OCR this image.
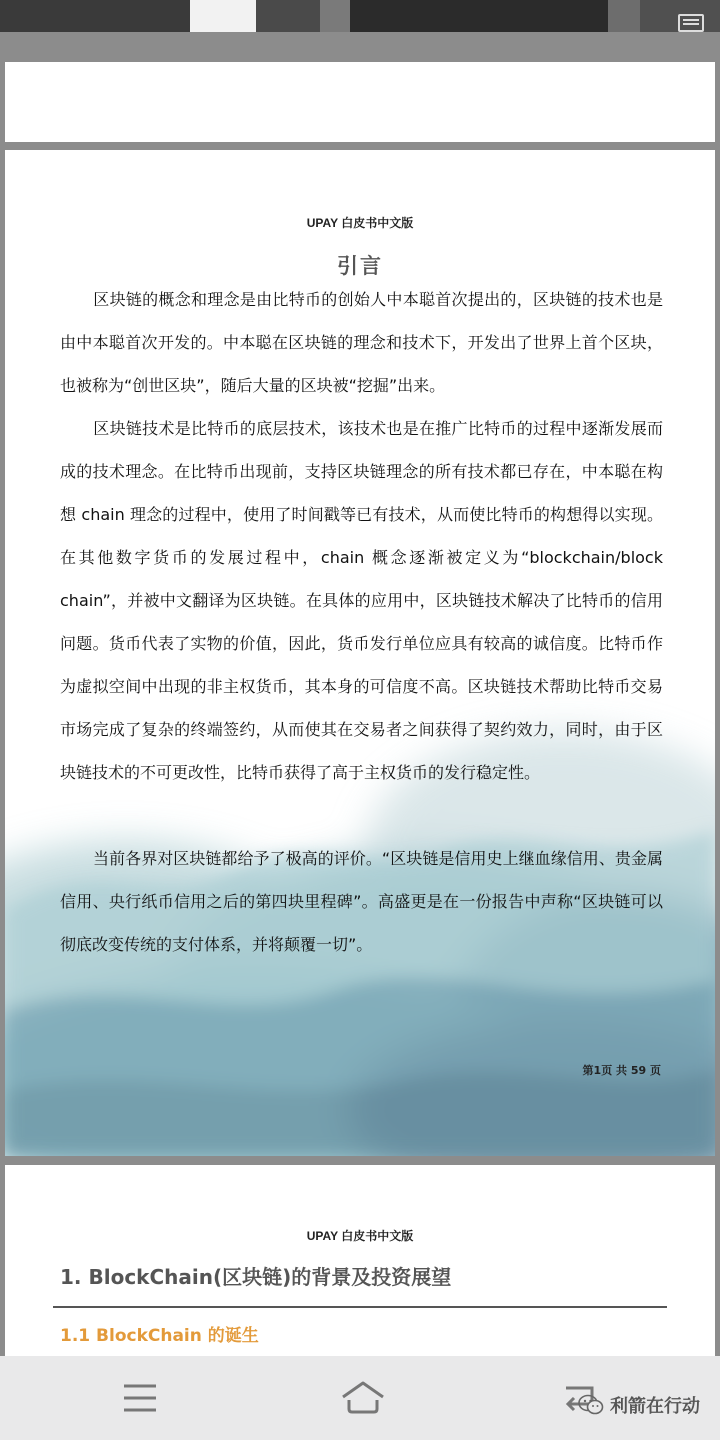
UPAY 白皮书中文版
引言

区块链的概念和理念是由比特币的创始人中本聪首次提出的，区块链的技术也是由中本聪首次开发的。中本聪在区块链的理念和技术下，开发出了世界上首个区块，也被称为“创世区块”，随后大量的区块被“挖掘”出来。

区块链技术是比特币的底层技术，该技术也是在推广比特币的过程中逐渐发展而成的技术理念。在比特币出现前，支持区块链理念的所有技术都已存在，中本聪在构想 chain 理念的过程中，使用了时间戳等已有技术，从而使比特币的构想得以实现。在其他数字货币的发展过程中，chain 概念逐渐被定义为“blockchain/block chain”，并被中文翻译为区块链。在具体的应用中，区块链技术解决了比特币的信用问题。货币代表了实物的价值，因此，货币发行单位应具有较高的诚信度。比特币作为虚拟空间中出现的非主权货币，其本身的可信度不高。区块链技术帮助比特币交易市场完成了复杂的终端签约，从而使其在交易者之间获得了契约效力，同时，由于区块链技术的不可更改性，比特币获得了高于主权货币的发行稳定性。

当前各界对区块链都给予了极高的评价。“区块链是信用史上继血缘信用、贵金属信用、央行纸币信用之后的第四块里程碑”。高盛更是在一份报告中声称“区块链可以彻底改变传统的支付体系，并将颠覆一切”。

第1页 共 59 页
UPAY 白皮书中文版
1. BlockChain(区块链)的背景及投资展望
1.1 BlockChain 的诞生
利箭在行动
